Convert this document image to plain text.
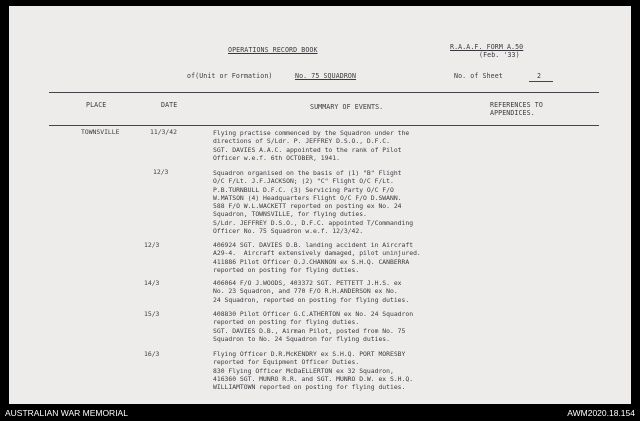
OPERATIONS RECORD BOOK	R.A.A.F. FORM A.50
(Feb. '33)
of(Unit or Formation)	No. 75 SQUADRON	No. of Sheet	2
PLACE	DATE	SUMMARY OF EVENTS.	REFERENCES TO
APPENDICES.
TOWNSVILLE	11/3/42	Flying practise commenced by the Squadron under the
directions of S/Ldr. P. JEFFREY D.S.O., D.F.C.
SGT. DAVIES A.A.C. appointed to the rank of Pilot
Officer w.e.f. 6th OCTOBER, 1941.
12/3	Squadron organised on the basis of (1) "B" Flight
O/C F/Lt. J.F.JACKSON; (2) "C" Flight O/C F/Lt.
P.B.TURNBULL D.F.C. (3) Servicing Party O/C F/O
W.MATSON (4) Headquarters Flight O/C F/O D.SWANN.
588 F/O W.L.WACKETT reported on posting ex No. 24
Squadron, TOWNSVILLE, for flying duties.
S/Ldr. JEFFREY D.S.O., D.F.C. appointed T/Commanding
Officer No. 75 Squadron w.e.f. 12/3/42.
12/3	406924 SGT. DAVIES D.B. landing accident in Aircraft
A29-4.  Aircraft extensively damaged, pilot uninjured.
411886 Pilot Officer O.J.CHANNON ex S.H.Q. CANBERRA
reported on posting for flying duties.
14/3	406064 F/O J.WOODS, 403372 SGT. PETTETT J.H.S. ex
No. 23 Squadron, and 770 F/O R.H.ANDERSON ex No.
24 Squadron, reported on posting for flying duties.
15/3	408830 Pilot Officer G.C.ATHERTON ex No. 24 Squadron
reported on posting for flying duties.
SGT. DAVIES D.B., Airman Pilot, posted from No. 75
Squadron to No. 24 Squadron for flying duties.
16/3	Flying Officer D.R.McKENDRY ex S.H.Q. PORT MORESBY
reported for Equipment Officer Duties.
830 Flying Officer McDaELLERTON ex 32 Squadron,
416360 SGT. MUNRO R.R. and SGT. MUNRO D.W. ex S.H.Q.
WILLIAMTOWN reported on posting for flying duties.
AUSTRALIAN WAR MEMORIAL	AWM2020.18.154
